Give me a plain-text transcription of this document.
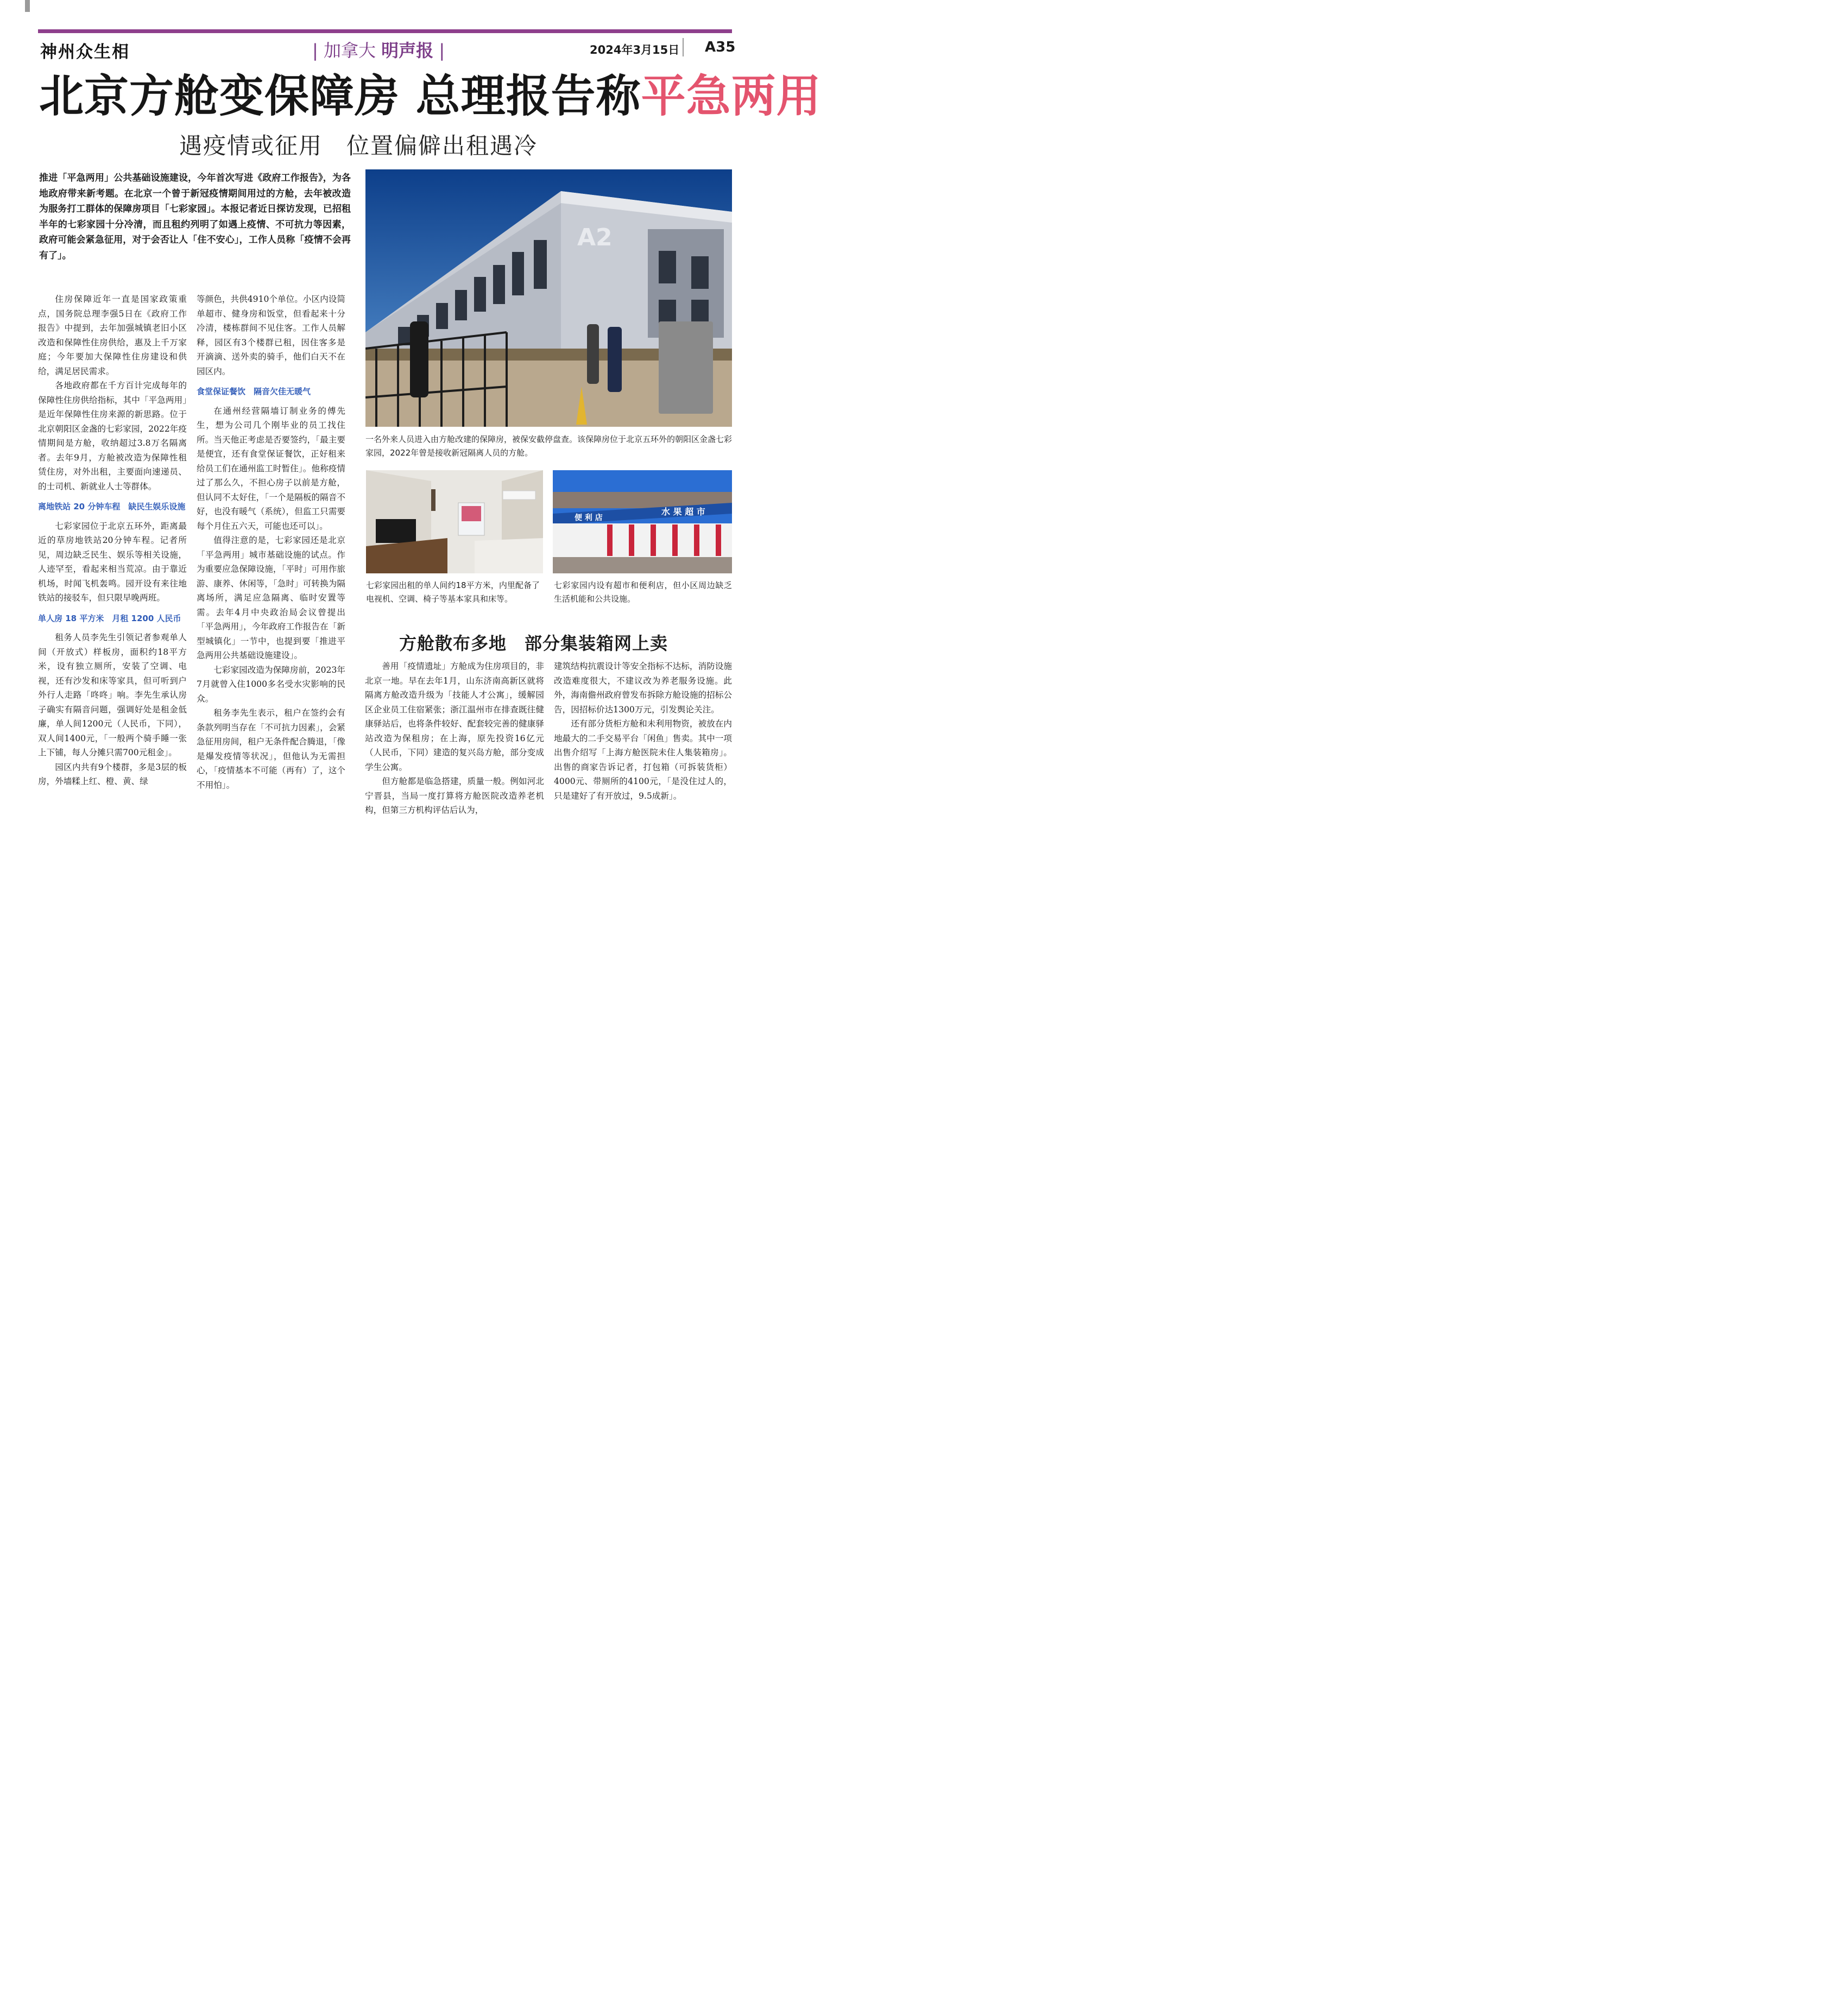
神州众生相	| 加拿大 明声报 |	2024年3月15日 A35
北京方舱变保障房 总理报告称平急两用
遇疫情或征用　位置偏僻出租遇冷
推进「平急两用」公共基础设施建设，今年首次写进《政府工作报告》，为各地政府带来新考题。在北京一个曾于新冠疫情期间用过的方舱，去年被改造为服务打工群体的保障房项目「七彩家园」。本报记者近日探访发现，已招租半年的七彩家园十分冷清，而且租约列明了如遇上疫情、不可抗力等因素，政府可能会紧急征用，对于会否让人「住不安心」，工作人员称「疫情不会再有了」。

住房保障近年一直是国家政策重点，国务院总理李强5日在《政府工作报告》中提到，去年加强城镇老旧小区改造和保障性住房供给，惠及上千万家庭；今年要加大保障性住房建设和供给，满足居民需求。

各地政府都在千方百计完成每年的保障性住房供给指标，其中「平急两用」是近年保障性住房来源的新思路。位于北京朝阳区金盏的七彩家园，2022年疫情期间是方舱，收纳超过3.8万名隔离者。去年9月，方舱被改造为保障性租赁住房，对外出租，主要面向速递员、的士司机、新就业人士等群体。

离地铁站 20 分钟车程　缺民生娱乐设施

七彩家园位于北京五环外，距离最近的草房地铁站20分钟车程。记者所见，周边缺乏民生、娱乐等相关设施，人迹罕至，看起来相当荒凉。由于靠近机场，时闻飞机轰鸣。园开设有来往地铁站的接驳车，但只限早晚两班。

单人房 18 平方米　月租 1200 人民币

租务人员李先生引领记者参观单人间（开放式）样板房，面积约18平方米，设有独立厕所，安装了空调、电视，还有沙发和床等家具，但可听到户外行人走路「咚咚」响。李先生承认房子确实有隔音问题，强调好处是租金低廉，单人间1200元（人民币，下同），双人间1400元，「一般两个骑手睡一张上下铺，每人分摊只需700元租金」。

园区内共有9个楼群，多是3层的板房，外墙糅上红、橙、黄、绿

等颜色，共供4910个单位。小区内设简单超市、健身房和饭堂，但看起来十分冷清，楼栋群间不见住客。工作人员解释，园区有3个楼群已租，因住客多是开滴滴、送外卖的骑手，他们白天不在园区内。

食堂保证餐饮　隔音欠佳无暖气

在通州经营隔墙订制业务的傅先生，想为公司几个刚毕业的员工找住所。当天他正考虑是否要签约，「最主要是便宜，还有食堂保证餐饮，正好租来给员工们在通州监工时暂住」。他称疫情过了那么久，不担心房子以前是方舱，但认同不太好住，「一个是隔板的隔音不好，也没有暖气（系统），但监工只需要每个月住五六天，可能也还可以」。

值得注意的是，七彩家园还是北京「平急两用」城市基础设施的试点。作为重要应急保障设施，「平时」可用作旅游、康养、休闲等，「急时」可转换为隔离场所，满足应急隔离、临时安置等需。去年4月中央政治局会议曾提出「平急两用」，今年政府工作报告在「新型城镇化」一节中，也提到要「推进平急两用公共基础设施建设」。

七彩家园改造为保障房前，2023年7月就曾入住1000多名受水灾影响的民众。

租务李先生表示，租户在签约会有条款列明当存在「不可抗力因素」，会紧急征用房间，租户无条件配合腾退，「像是爆发疫情等状况」，但他认为无需担心，「疫情基本不可能（再有）了，这个不用怕」。

A2
一名外来人员进入由方舱改建的保障房，被保安截停盘查。该保障房位于北京五环外的朝阳区金盏七彩家园，2022年曾是接收新冠隔离人员的方舱。
七彩家园出租的单人间约18平方米，内里配备了电视机、空调、椅子等基本家具和床等。
便 利 店
水 果 超 市
七彩家园内设有超市和便利店，但小区周边缺乏生活机能和公共设施。
方舱散布多地　部分集装箱网上卖

善用「疫情遗址」方舱成为住房项目的，非北京一地。早在去年1月，山东济南高新区就将隔离方舱改造升级为「技能人才公寓」，缓解园区企业员工住宿紧张；浙江温州市在排查既往健康驿站后，也将条件较好、配套较完善的健康驿站改造为保租房；在上海，原先投资16亿元（人民币，下同）建造的复兴岛方舱，部分变成学生公寓。

但方舱都是临急搭建，质量一般。例如河北宁晋县，当局一度打算将方舱医院改造养老机构，但第三方机构评估后认为，

建筑结构抗震设计等安全指标不达标，消防设施改造难度很大，不建议改为养老服务设施。此外，海南儋州政府曾发布拆除方舱设施的招标公告，因招标价达1300万元，引发舆论关注。

还有部分货柜方舱和未利用物资，被放在内地最大的二手交易平台「闲鱼」售卖。其中一项出售介绍写「上海方舱医院未住人集装箱房」。出售的商家告诉记者，打包箱（可拆装货柜）4000元、带厕所的4100元，「是没住过人的，只是建好了有开放过，9.5成新」。
